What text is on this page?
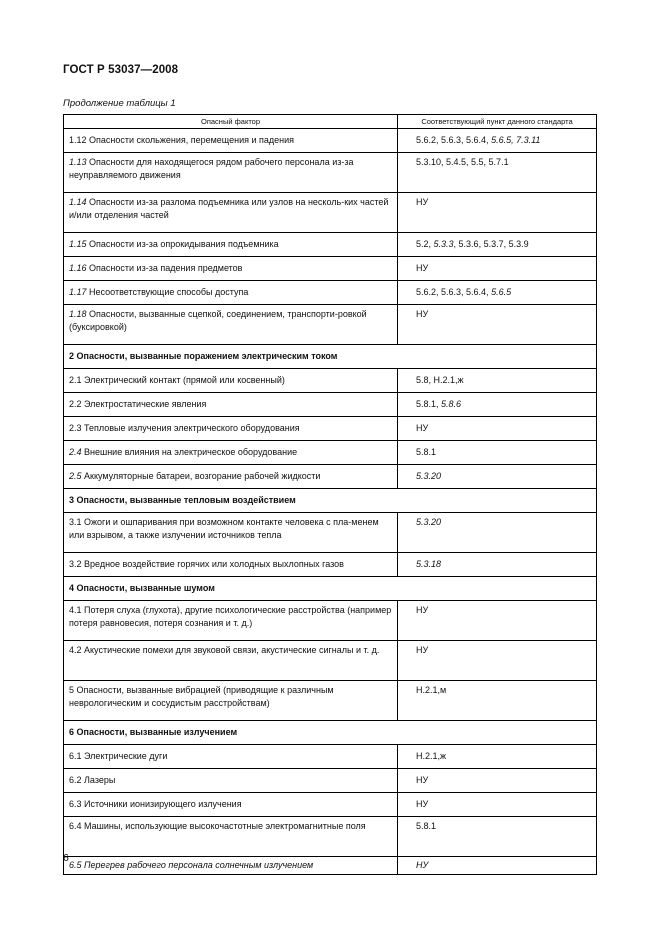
ГОСТ Р 53037—2008
Продолжение таблицы 1
Опасный фактор	Соответствующий пункт данного стандарта
1.12 Опасности скольжения, перемещения и падения	5.6.2, 5.6.3, 5.6.4, 5.6.5, 7.3.11
1.13 Опасности для находящегося рядом рабочего персонала из-за неуправляемого движения	5.3.10, 5.4.5, 5.5, 5.7.1
1.14 Опасности из-за разлома подъемника или узлов на несколь-ких частей и/или отделения частей	НУ
1.15 Опасности из-за опрокидывания подъемника	5.2, 5.3.3, 5.3.6, 5.3.7, 5.3.9
1.16 Опасности из-за падения предметов	НУ
1.17 Несоответствующие способы доступа	5.6.2, 5.6.3, 5.6.4, 5.6.5
1.18 Опасности, вызванные сцепкой, соединением, транспорти-ровкой (буксировкой)	НУ
2 Опасности, вызванные поражением электрическим током	
2.1 Электрический контакт (прямой или косвенный)	5.8, Н.2.1,ж
2.2 Электростатические явления	5.8.1, 5.8.6
2.3 Тепловые излучения электрического оборудования	НУ
2.4 Внешние влияния на электрическое оборудование	5.8.1
2.5 Аккумуляторные батареи, возгорание рабочей жидкости	5.3.20
3 Опасности, вызванные тепловым воздействием	
3.1 Ожоги и ошпаривания при возможном контакте человека с пла-менем или взрывом, а также излучении источников тепла	5.3.20
3.2 Вредное воздействие горячих или холодных выхлопных газов	5.3.18
4 Опасности, вызванные шумом	
4.1 Потеря слуха (глухота), другие психологические расстройства (например потеря равновесия, потеря сознания и т. д.)	НУ
4.2 Акустические помехи для звуковой связи, акустические сигналы и т. д.	НУ
5 Опасности, вызванные вибрацией (приводящие к различным неврологическим и сосудистым расстройствам)	Н.2.1,м
6 Опасности, вызванные излучением	
6.1 Электрические дуги	Н.2.1,ж
6.2 Лазеры	НУ
6.3 Источники ионизирующего излучения	НУ
6.4 Машины, использующие высокочастотные электромагнитные поля	5.8.1
6.5 Перегрев рабочего персонала солнечным излучением	НУ
6
